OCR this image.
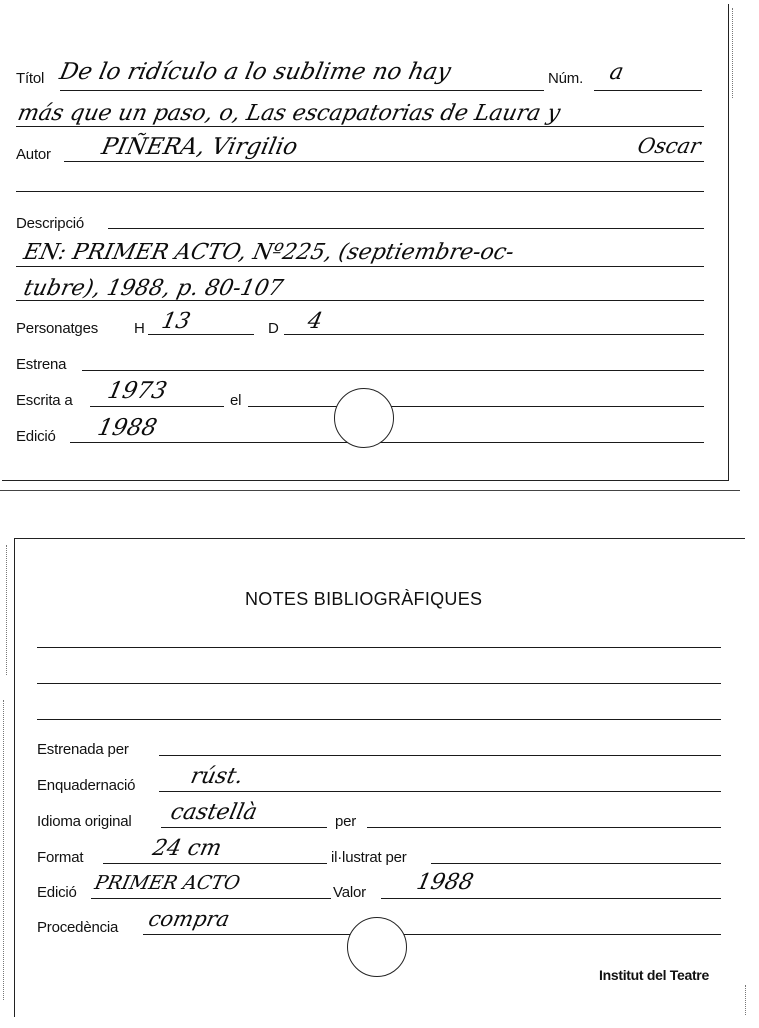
Títol De lo ridículo a lo sublime no hay	Núm. a
más que un paso, o, Las escapatorias de Laura y
Autor PIÑERA, Virgilio	Oscar
Descripció
EN: PRIMER ACTO, Nº225, (septiembre-oc-
tubre), 1988, p. 80-107
Personatges H 13	D 4
Estrena
Escrita a 1973	el
Edició 1988
NOTES BIBLIOGRÀFIQUES
Estrenada per
Enquadernació rúst.
Idioma original castellà	per
Format	24 cm	il·lustrat per
Edició PRIMER ACTO	Valor 1988
Procedència compra
Institut del Teatre
